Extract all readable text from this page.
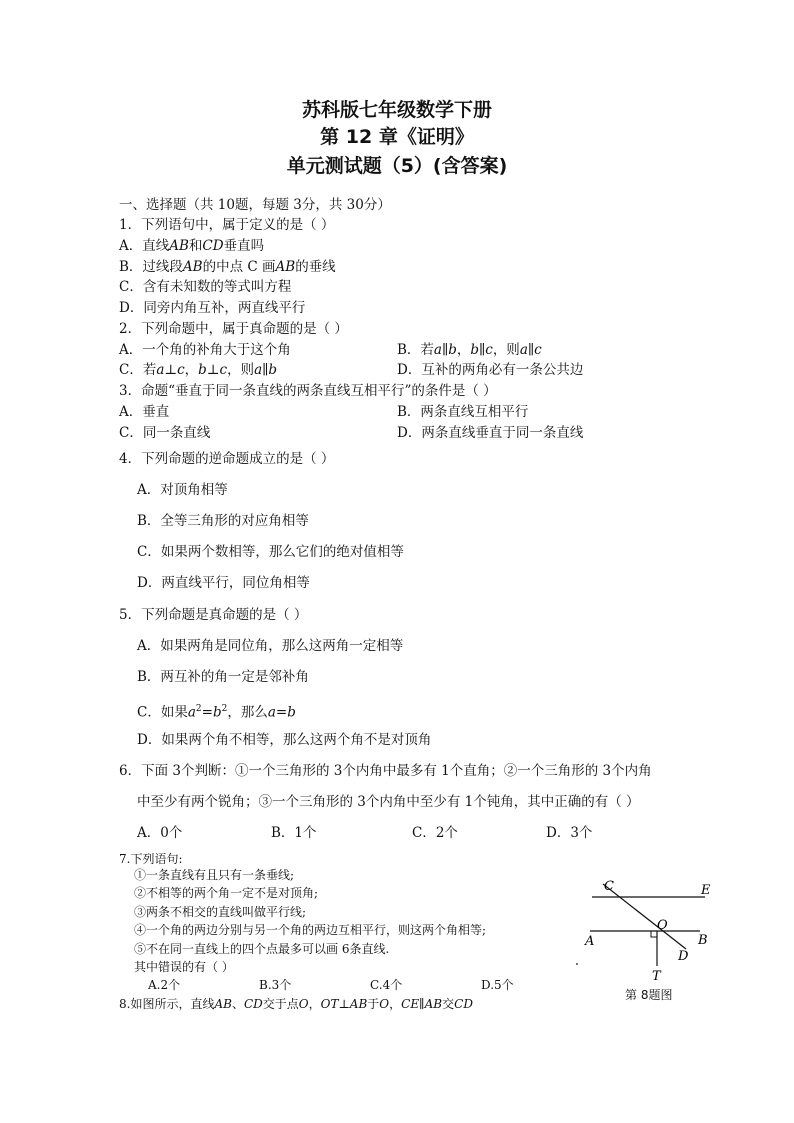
苏科版七年级数学下册
第 12 章《证明》
单元测试题（5）(含答案)
一、选择题（共 10题，每题 3分，共 30分）
1．下列语句中，属于定义的是（ ）
A．直线AB和CD垂直吗
B．过线段AB的中点 C 画AB的垂线
C．含有未知数的等式叫方程
D．同旁内角互补，两直线平行
2．下列命题中，属于真命题的是（ ）
A．一个角的补角大于这个角	B．若a∥b，b∥c，则a∥c
C．若a⊥c，b⊥c，则a∥b	D．互补的两角必有一条公共边
3．命题“垂直于同一条直线的两条直线互相平行”的条件是（ ）
A．垂直	B．两条直线互相平行
C．同一条直线	D．两条直线垂直于同一条直线
4．下列命题的逆命题成立的是（ ）
A．对顶角相等
B．全等三角形的对应角相等
C．如果两个数相等，那么它们的绝对值相等
D．两直线平行，同位角相等
5．下列命题是真命题的是（ ）
A．如果两角是同位角，那么这两角一定相等
B．两互补的角一定是邻补角
C．如果$a^2=b^2$，那么a=b
D．如果两个角不相等，那么这两个角不是对顶角
6．下面 3个判断：①一个三角形的 3个内角中最多有 1个直角；②一个三角形的 3个内角
中至少有两个锐角；③一个三角形的 3个内角中至少有 1个钝角，其中正确的有（ ）
A．0个	B．1个	C．2个	D．3个
7.下列语句:
①一条直线有且只有一条垂线;
②不相等的两个角一定不是对顶角;
③两条不相交的直线叫做平行线;
④一个角的两边分别与另一个角的两边互相平行，则这两个角相等;
⑤不在同一直线上的四个点最多可以画 6条直线.
其中错误的有（ ）
A.2个	B.3个	C.4个	D.5个
C	E
O
A	B
D
T
第 8题图
8.如图所示，直线AB、CD交于点O，OT⊥AB于O，CE∥AB交CD
